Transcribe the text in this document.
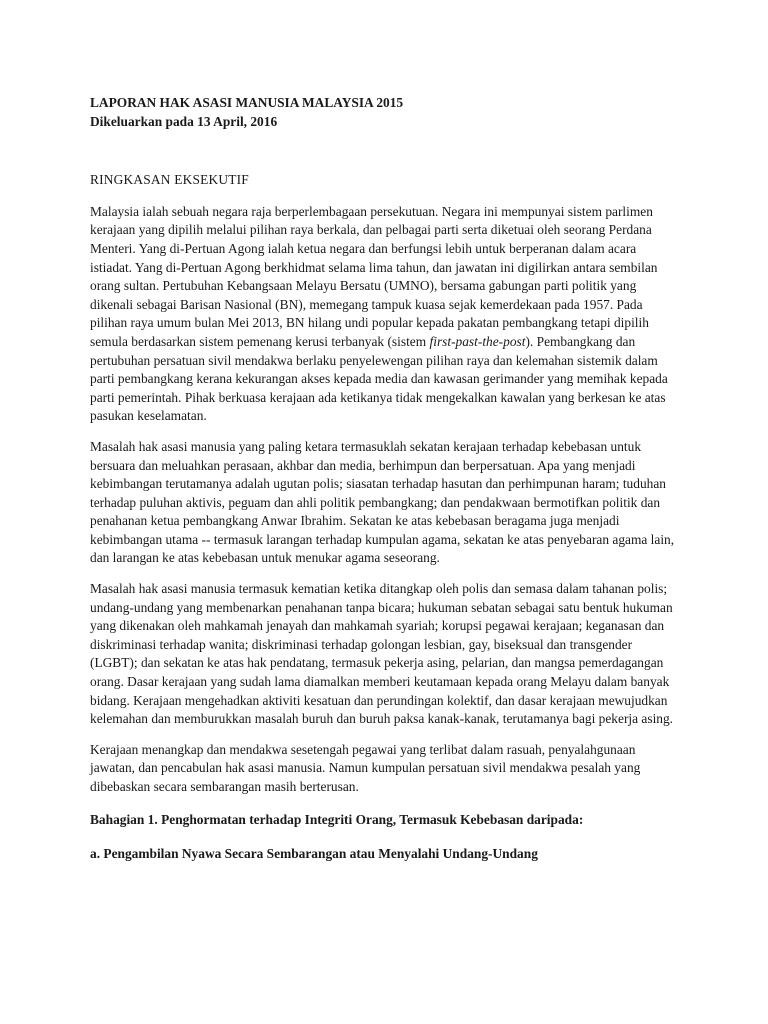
LAPORAN HAK ASASI MANUSIA MALAYSIA 2015
Dikeluarkan pada 13 April, 2016
RINGKASAN EKSEKUTIF

Malaysia ialah sebuah negara raja berperlembagaan persekutuan. Negara ini mempunyai sistem parlimen kerajaan yang dipilih melalui pilihan raya berkala, dan pelbagai parti serta diketuai oleh seorang Perdana Menteri. Yang di-Pertuan Agong ialah ketua negara dan berfungsi lebih untuk berperanan dalam acara istiadat. Yang di-Pertuan Agong berkhidmat selama lima tahun, dan jawatan ini digilirkan antara sembilan orang sultan. Pertubuhan Kebangsaan Melayu Bersatu (UMNO), bersama gabungan parti politik yang dikenali sebagai Barisan Nasional (BN), memegang tampuk kuasa sejak kemerdekaan pada 1957. Pada pilihan raya umum bulan Mei 2013, BN hilang undi popular kepada pakatan pembangkang tetapi dipilih semula berdasarkan sistem pemenang kerusi terbanyak (sistem first-past-the-post). Pembangkang dan pertubuhan persatuan sivil mendakwa berlaku penyelewengan pilihan raya dan kelemahan sistemik dalam parti pembangkang kerana kekurangan akses kepada media dan kawasan gerimander yang memihak kepada parti pemerintah. Pihak berkuasa kerajaan ada ketikanya tidak mengekalkan kawalan yang berkesan ke atas pasukan keselamatan.

Masalah hak asasi manusia yang paling ketara termasuklah sekatan kerajaan terhadap kebebasan untuk bersuara dan meluahkan perasaan, akhbar dan media, berhimpun dan berpersatuan. Apa yang menjadi kebimbangan terutamanya adalah ugutan polis; siasatan terhadap hasutan dan perhimpunan haram; tuduhan terhadap puluhan aktivis, peguam dan ahli politik pembangkang; dan pendakwaan bermotifkan politik dan penahanan ketua pembangkang Anwar Ibrahim. Sekatan ke atas kebebasan beragama juga menjadi kebimbangan utama -- termasuk larangan terhadap kumpulan agama, sekatan ke atas penyebaran agama lain, dan larangan ke atas kebebasan untuk menukar agama seseorang.

Masalah hak asasi manusia termasuk kematian ketika ditangkap oleh polis dan semasa dalam tahanan polis; undang-undang yang membenarkan penahanan tanpa bicara; hukuman sebatan sebagai satu bentuk hukuman yang dikenakan oleh mahkamah jenayah dan mahkamah syariah; korupsi pegawai kerajaan; keganasan dan diskriminasi terhadap wanita; diskriminasi terhadap golongan lesbian, gay, biseksual dan transgender (LGBT); dan sekatan ke atas hak pendatang, termasuk pekerja asing, pelarian, dan mangsa pemerdagangan orang. Dasar kerajaan yang sudah lama diamalkan memberi keutamaan kepada orang Melayu dalam banyak bidang. Kerajaan mengehadkan aktiviti kesatuan dan perundingan kolektif, dan dasar kerajaan mewujudkan kelemahan dan memburukkan masalah buruh dan buruh paksa kanak-kanak, terutamanya bagi pekerja asing.

Kerajaan menangkap dan mendakwa sesetengah pegawai yang terlibat dalam rasuah, penyalahgunaan jawatan, dan pencabulan hak asasi manusia. Namun kumpulan persatuan sivil mendakwa pesalah yang dibebaskan secara sembarangan masih berterusan.

Bahagian 1. Penghormatan terhadap Integriti Orang, Termasuk Kebebasan daripada:
a. Pengambilan Nyawa Secara Sembarangan atau Menyalahi Undang-Undang
